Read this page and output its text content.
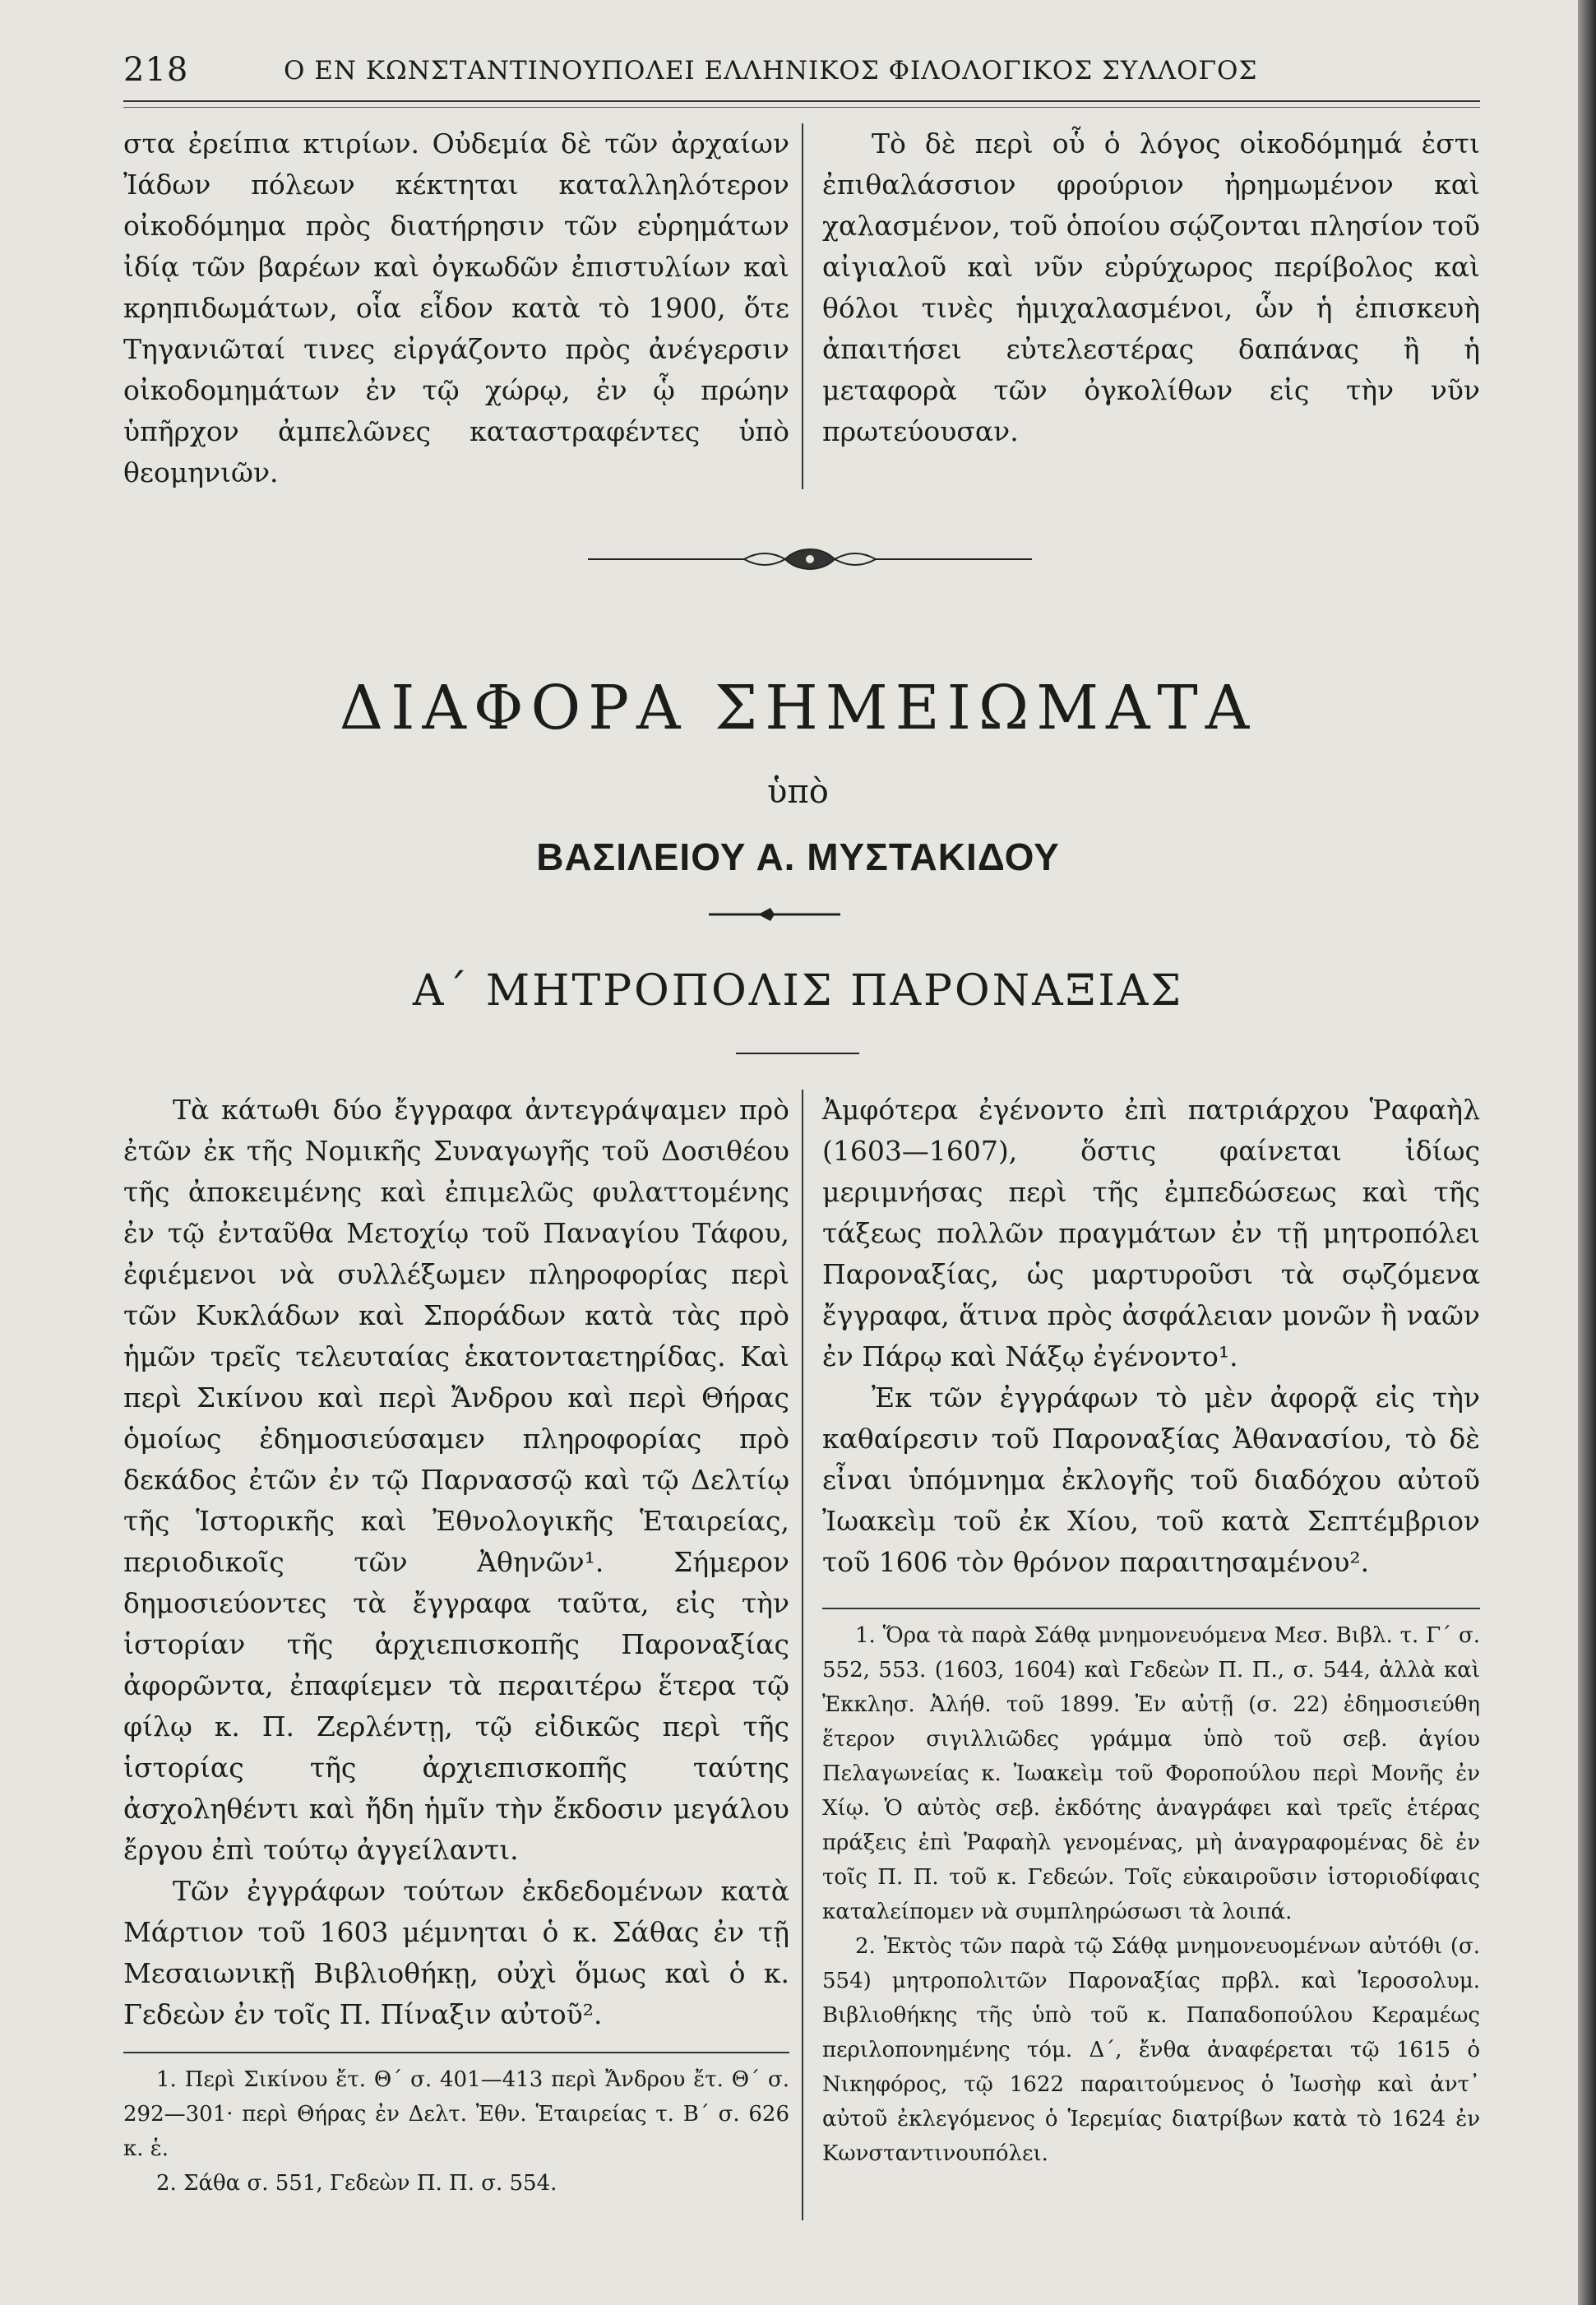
218	Ο ΕΝ ΚΩΝΣΤΑΝΤΙΝΟΥΠΟΛΕΙ ΕΛΛΗΝΙΚΟΣ ΦΙΛΟΛΟΓΙΚΟΣ ΣΥΛΛΟΓΟΣ

στα ἐρείπια κτιρίων. Οὐδεμία δὲ τῶν ἀρχαίων Ἰάδων πόλεων κέκτηται καταλληλότερον οἰκοδόμημα πρὸς διατήρησιν τῶν εὑρημάτων ἰδίᾳ τῶν βαρέων καὶ ὀγκωδῶν ἐπιστυλίων καὶ κρηπιδωμάτων, οἷα εἶδον κατὰ τὸ 1900, ὅτε Τηγανιῶταί τινες εἰργάζοντο πρὸς ἀνέγερσιν οἰκοδομημάτων ἐν τῷ χώρῳ, ἐν ᾧ πρώην ὑπῆρχον ἀμπελῶνες καταστραφέντες ὑπὸ θεομηνιῶν.

Τὸ δὲ περὶ οὗ ὁ λόγος οἰκοδόμημά ἐστι ἐπιθαλάσσιον φρούριον ἠρημωμένον καὶ χαλασμένον, τοῦ ὁποίου σῴζονται πλησίον τοῦ αἰγιαλοῦ καὶ νῦν εὐρύχωρος περίβολος καὶ θόλοι τινὲς ἡμιχαλασμένοι, ὧν ἡ ἐπισκευὴ ἀπαιτήσει εὐτελεστέρας δαπάνας ἢ ἡ μεταφορὰ τῶν ὀγκολίθων εἰς τὴν νῦν πρωτεύουσαν.

ΔΙΑΦΟΡΑ ΣΗΜΕΙΩΜΑΤΑ
ὑπὸ
ΒΑΣΙΛΕΙΟΥ Α. ΜΥΣΤΑΚΙΔΟΥ
Α΄ ΜΗΤΡΟΠΟΛΙΣ ΠΑΡΟΝΑΞΙΑΣ

Τὰ κάτωθι δύο ἔγγραφα ἀντεγράψαμεν πρὸ ἐτῶν ἐκ τῆς Νομικῆς Συναγωγῆς τοῦ Δοσιθέου τῆς ἀποκειμένης καὶ ἐπιμελῶς φυλαττομένης ἐν τῷ ἐνταῦθα Μετοχίῳ τοῦ Παναγίου Τάφου, ἐφιέμενοι νὰ συλλέξωμεν πληροφορίας περὶ τῶν Κυκλάδων καὶ Σποράδων κατὰ τὰς πρὸ ἡμῶν τρεῖς τελευταίας ἑκατονταετηρίδας. Καὶ περὶ Σικίνου καὶ περὶ Ἄνδρου καὶ περὶ Θήρας ὁμοίως ἐδημοσιεύσαμεν πληροφορίας πρὸ δεκάδος ἐτῶν ἐν τῷ Παρνασσῷ καὶ τῷ Δελτίῳ τῆς Ἱστορικῆς καὶ Ἐθνολογικῆς Ἑταιρείας, περιοδικοῖς τῶν Ἀθηνῶν¹. Σήμερον δημοσιεύοντες τὰ ἔγγραφα ταῦτα, εἰς τὴν ἱστορίαν τῆς ἀρχιεπισκοπῆς Παροναξίας ἀφορῶντα, ἐπαφίεμεν τὰ περαιτέρω ἕτερα τῷ φίλῳ κ. Π. Ζερλέντῃ, τῷ εἰδικῶς περὶ τῆς ἱστορίας τῆς ἀρχιεπισκοπῆς ταύτης ἀσχοληθέντι καὶ ἤδη ἡμῖν τὴν ἔκδοσιν μεγάλου ἔργου ἐπὶ τούτῳ ἀγγείλαντι.

Τῶν ἐγγράφων τούτων ἐκδεδομένων κατὰ Μάρτιον τοῦ 1603 μέμνηται ὁ κ. Σάθας ἐν τῇ Μεσαιωνικῇ Βιβλιοθήκῃ, οὐχὶ ὅμως καὶ ὁ κ. Γεδεὼν ἐν τοῖς Π. Πίναξιν αὐτοῦ².

Ἀμφότερα ἐγένοντο ἐπὶ πατριάρχου Ῥαφαὴλ (1603—1607), ὅστις φαίνεται ἰδίως μεριμνήσας περὶ τῆς ἐμπεδώσεως καὶ τῆς τάξεως πολλῶν πραγμάτων ἐν τῇ μητροπόλει Παροναξίας, ὡς μαρτυροῦσι τὰ σῳζόμενα ἔγγραφα, ἅτινα πρὸς ἀσφάλειαν μονῶν ἢ ναῶν ἐν Πάρῳ καὶ Νάξῳ ἐγένοντο¹.

Ἐκ τῶν ἐγγράφων τὸ μὲν ἀφορᾷ εἰς τὴν καθαίρεσιν τοῦ Παροναξίας Ἀθανασίου, τὸ δὲ εἶναι ὑπόμνημα ἐκλογῆς τοῦ διαδόχου αὐτοῦ Ἰωακεὶμ τοῦ ἐκ Χίου, τοῦ κατὰ Σεπτέμβριον τοῦ 1606 τὸν θρόνον παραιτησαμένου².

1. Περὶ Σικίνου ἔτ. Θ΄ σ. 401—413 περὶ Ἄνδρου ἔτ. Θ΄ σ. 292—301· περὶ Θήρας ἐν Δελτ. Ἐθν. Ἑταιρείας τ. Β΄ σ. 626 κ. ἑ.

2. Σάθα σ. 551, Γεδεὼν Π. Π. σ. 554.

1. Ὅρα τὰ παρὰ Σάθᾳ μνημονευόμενα Μεσ. Βιβλ. τ. Γ΄ σ. 552, 553. (1603, 1604) καὶ Γεδεὼν Π. Π., σ. 544, ἀλλὰ καὶ Ἐκκλησ. Ἀλήθ. τοῦ 1899. Ἐν αὐτῇ (σ. 22) ἐδημοσιεύθη ἕτερον σιγιλλιῶδες γράμμα ὑπὸ τοῦ σεβ. ἁγίου Πελαγωνείας κ. Ἰωακεὶμ τοῦ Φορoπούλου περὶ Μονῆς ἐν Χίῳ. Ὁ αὐτὸς σεβ. ἐκδότης ἀναγράφει καὶ τρεῖς ἑτέρας πράξεις ἐπὶ Ῥαφαὴλ γενομένας, μὴ ἀναγραφομένας δὲ ἐν τοῖς Π. Π. τοῦ κ. Γεδεών. Τοῖς εὐκαιροῦσιν ἱστοριοδίφαις καταλείπομεν νὰ συμπληρώσωσι τὰ λοιπά.

2. Ἐκτὸς τῶν παρὰ τῷ Σάθᾳ μνημονευομένων αὐτόθι (σ. 554) μητροπολιτῶν Παροναξίας πρβλ. καὶ Ἱεροσολυμ. Βιβλιοθήκης τῆς ὑπὸ τοῦ κ. Παπαδοπούλου Κεραμέως περιλοπονημένης τόμ. Δ΄, ἔνθα ἀναφέρεται τῷ 1615 ὁ Νικηφόρος, τῷ 1622 παραιτούμενος ὁ Ἰωσὴφ καὶ ἀντ᾽ αὐτοῦ ἐκλεγόμενος ὁ Ἱερεμίας διατρίβων κατὰ τὸ 1624 ἐν Κωνσταντινουπόλει.
